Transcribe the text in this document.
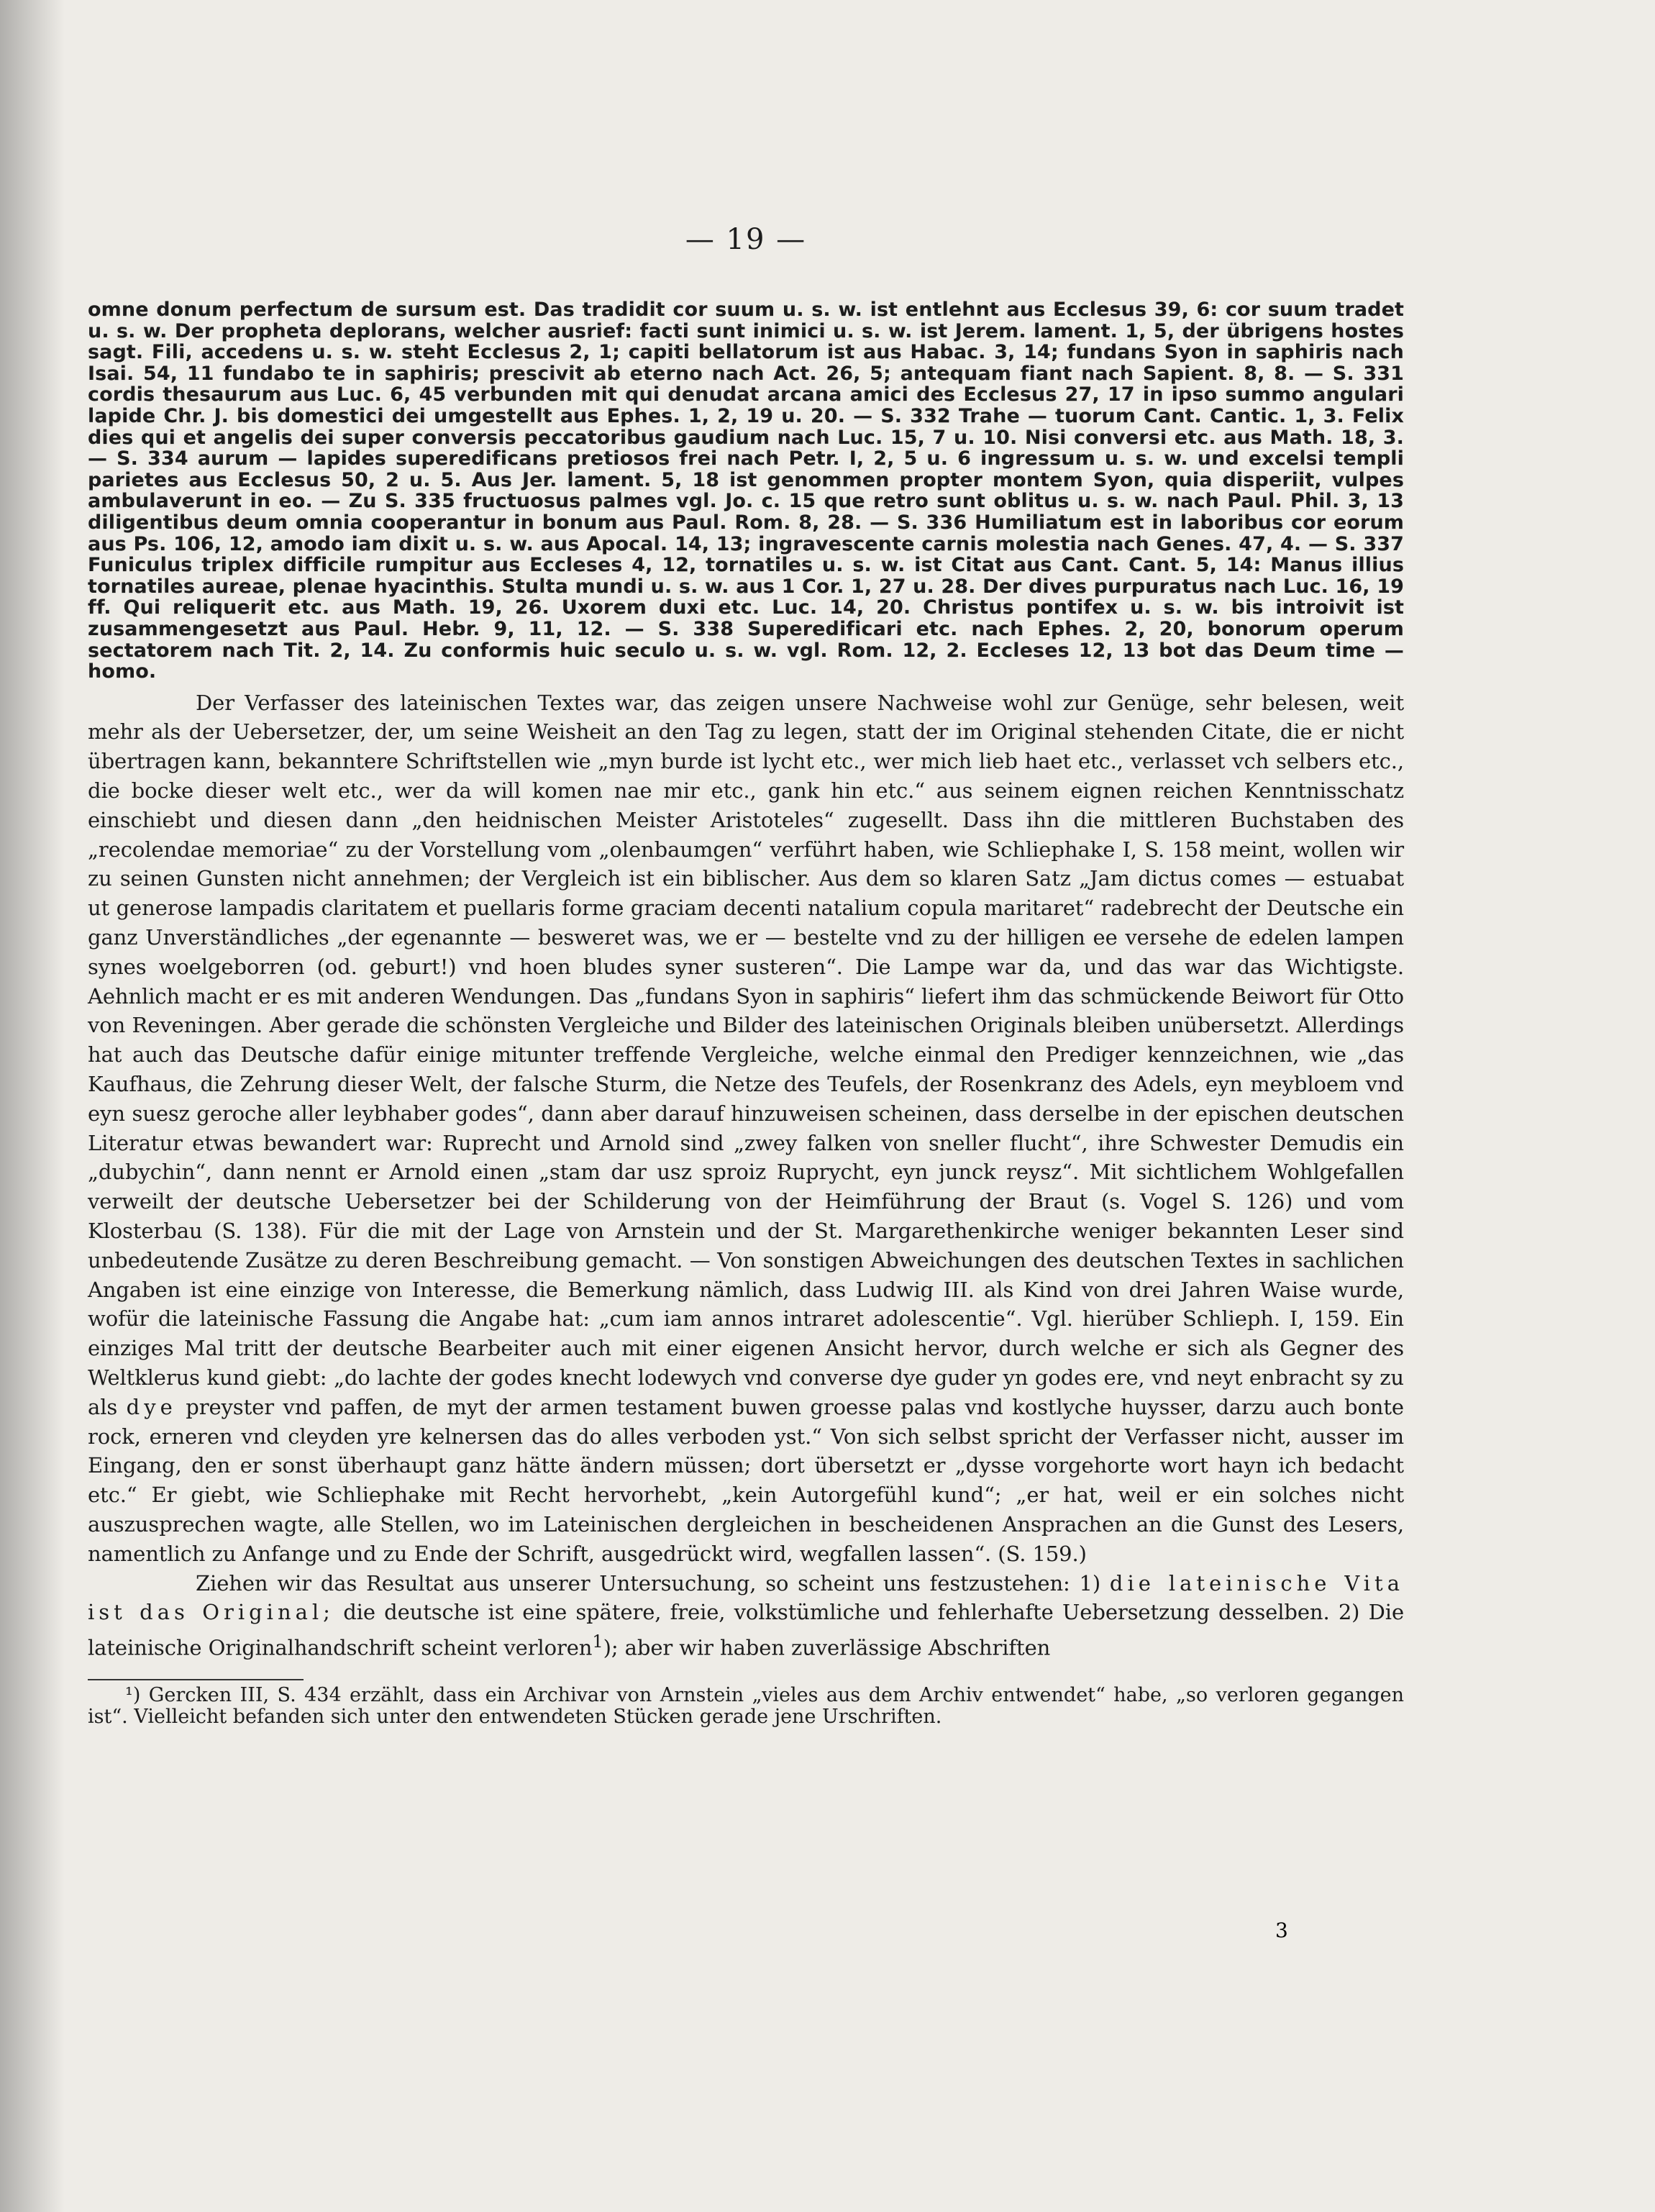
— 19 —

omne donum perfectum de sursum est. Das tradidit cor suum u. s. w. ist entlehnt aus Ecclesus 39, 6: cor suum tradet u. s. w. Der propheta deplorans, welcher ausrief: facti sunt inimici u. s. w. ist Jerem. lament. 1, 5, der übrigens hostes sagt. Fili, accedens u. s. w. steht Ecclesus 2, 1; capiti bellatorum ist aus Habac. 3, 14; fundans Syon in saphiris nach Isai. 54, 11 fundabo te in saphiris; prescivit ab eterno nach Act. 26, 5; antequam fiant nach Sapient. 8, 8. — S. 331 cordis thesaurum aus Luc. 6, 45 verbunden mit qui denudat arcana amici des Ecclesus 27, 17 in ipso summo angulari lapide Chr. J. bis domestici dei umgestellt aus Ephes. 1, 2, 19 u. 20. — S. 332 Trahe — tuorum Cant. Cantic. 1, 3. Felix dies qui et angelis dei super conversis peccatoribus gaudium nach Luc. 15, 7 u. 10. Nisi conversi etc. aus Math. 18, 3. — S. 334 aurum — lapides superedificans pretiosos frei nach Petr. I, 2, 5 u. 6 ingressum u. s. w. und excelsi templi parietes aus Ecclesus 50, 2 u. 5. Aus Jer. lament. 5, 18 ist genommen propter montem Syon, quia disperiit, vulpes ambulaverunt in eo. — Zu S. 335 fructuosus palmes vgl. Jo. c. 15 que retro sunt oblitus u. s. w. nach Paul. Phil. 3, 13 diligentibus deum omnia cooperantur in bonum aus Paul. Rom. 8, 28. — S. 336 Humiliatum est in laboribus cor eorum aus Ps. 106, 12, amodo iam dixit u. s. w. aus Apocal. 14, 13; ingravescente carnis molestia nach Genes. 47, 4. — S. 337 Funiculus triplex difficile rumpitur aus Eccleses 4, 12, tornatiles u. s. w. ist Citat aus Cant. Cant. 5, 14: Manus illius tornatiles aureae, plenae hyacinthis. Stulta mundi u. s. w. aus 1 Cor. 1, 27 u. 28. Der dives purpuratus nach Luc. 16, 19 ff. Qui reliquerit etc. aus Math. 19, 26. Uxorem duxi etc. Luc. 14, 20. Christus pontifex u. s. w. bis introivit ist zusammengesetzt aus Paul. Hebr. 9, 11, 12. — S. 338 Superedificari etc. nach Ephes. 2, 20, bonorum operum sectatorem nach Tit. 2, 14. Zu conformis huic seculo u. s. w. vgl. Rom. 12, 2. Eccleses 12, 13 bot das Deum time — homo.

Der Verfasser des lateinischen Textes war, das zeigen unsere Nachweise wohl zur Genüge, sehr belesen, weit mehr als der Uebersetzer, der, um seine Weisheit an den Tag zu legen, statt der im Original stehenden Citate, die er nicht übertragen kann, bekanntere Schriftstellen wie „myn burde ist lycht etc., wer mich lieb haet etc., verlasset vch selbers etc., die bocke dieser welt etc., wer da will komen nae mir etc., gank hin etc.“ aus seinem eignen reichen Kenntnisschatz einschiebt und diesen dann „den heidnischen Meister Aristoteles“ zugesellt. Dass ihn die mittleren Buchstaben des „recolendae memoriae“ zu der Vorstellung vom „olenbaumgen“ verführt haben, wie Schliephake I, S. 158 meint, wollen wir zu seinen Gunsten nicht annehmen; der Vergleich ist ein biblischer. Aus dem so klaren Satz „Jam dictus comes — estuabat ut generose lampadis claritatem et puellaris forme graciam decenti natalium copula maritaret“ radebrecht der Deutsche ein ganz Unverständliches „der egenannte — besweret was, we er — bestelte vnd zu der hilligen ee versehe de edelen lampen synes woelgeborren (od. geburt!) vnd hoen bludes syner susteren“. Die Lampe war da, und das war das Wichtigste. Aehnlich macht er es mit anderen Wendungen. Das „fundans Syon in saphiris“ liefert ihm das schmückende Beiwort für Otto von Reveningen. Aber gerade die schönsten Vergleiche und Bilder des lateinischen Originals bleiben unübersetzt. Allerdings hat auch das Deutsche dafür einige mitunter treffende Vergleiche, welche einmal den Prediger kennzeichnen, wie „das Kaufhaus, die Zehrung dieser Welt, der falsche Sturm, die Netze des Teufels, der Rosenkranz des Adels, eyn meybloem vnd eyn suesz geroche aller leybhaber godes“, dann aber darauf hinzuweisen scheinen, dass derselbe in der epischen deutschen Literatur etwas bewandert war: Ruprecht und Arnold sind „zwey falken von sneller flucht“, ihre Schwester Demudis ein „dubychin“, dann nennt er Arnold einen „stam dar usz sproiz Ruprycht, eyn junck reysz“. Mit sichtlichem Wohlgefallen verweilt der deutsche Uebersetzer bei der Schilderung von der Heimführung der Braut (s. Vogel S. 126) und vom Klosterbau (S. 138). Für die mit der Lage von Arnstein und der St. Margarethenkirche weniger bekannten Leser sind unbedeutende Zusätze zu deren Beschreibung gemacht. — Von sonstigen Abweichungen des deutschen Textes in sachlichen Angaben ist eine einzige von Interesse, die Bemerkung nämlich, dass Ludwig III. als Kind von drei Jahren Waise wurde, wofür die lateinische Fassung die Angabe hat: „cum iam annos intraret adolescentie“. Vgl. hierüber Schlieph. I, 159. Ein einziges Mal tritt der deutsche Bearbeiter auch mit einer eigenen Ansicht hervor, durch welche er sich als Gegner des Weltklerus kund giebt: „do lachte der godes knecht lodewych vnd converse dye guder yn godes ere, vnd neyt enbracht sy zu als dye preyster vnd paffen, de myt der armen testament buwen groesse palas vnd kostlyche huysser, darzu auch bonte rock, erneren vnd cleyden yre kelnersen das do alles verboden yst.“ Von sich selbst spricht der Verfasser nicht, ausser im Eingang, den er sonst überhaupt ganz hätte ändern müssen; dort übersetzt er „dysse vorgehorte wort hayn ich bedacht etc.“ Er giebt, wie Schliephake mit Recht hervorhebt, „kein Autorgefühl kund“; „er hat, weil er ein solches nicht auszusprechen wagte, alle Stellen, wo im Lateinischen dergleichen in bescheidenen Ansprachen an die Gunst des Lesers, namentlich zu Anfange und zu Ende der Schrift, ausgedrückt wird, wegfallen lassen“. (S. 159.)

Ziehen wir das Resultat aus unserer Untersuchung, so scheint uns festzustehen: 1) die lateinische Vita ist das Original; die deutsche ist eine spätere, freie, volkstümliche und fehlerhafte Uebersetzung desselben. 2) Die lateinische Originalhandschrift scheint verloren$^1$); aber wir haben zuverlässige Abschriften

¹) Gercken III, S. 434 erzählt, dass ein Archivar von Arnstein „vieles aus dem Archiv entwendet“ habe, „so verloren gegangen ist“. Vielleicht befanden sich unter den entwendeten Stücken gerade jene Urschriften.

3
